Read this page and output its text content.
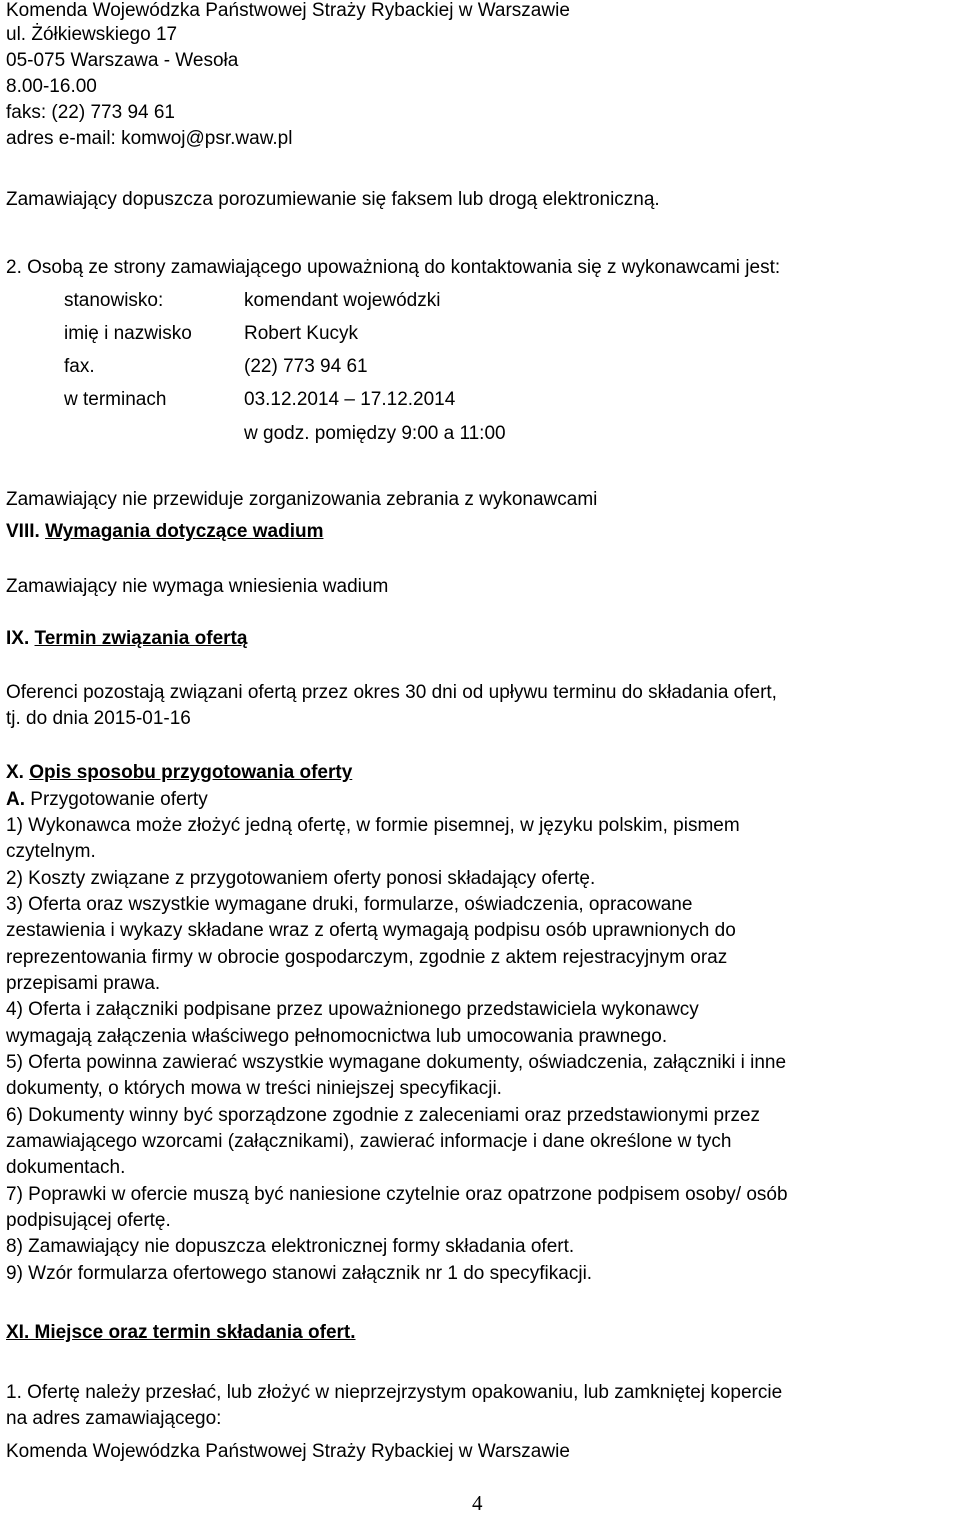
Komenda Wojewódzka Państwowej Straży Rybackiej w Warszawie
ul. Żółkiewskiego 17
05-075 Warszawa - Wesoła
8.00-16.00
faks: (22) 773 94 61
adres e-mail: komwoj@psr.waw.pl
Zamawiający dopuszcza porozumiewanie się faksem lub drogą elektroniczną.
2. Osobą ze strony zamawiającego upoważnioną do kontaktowania się z wykonawcami jest:
stanowisko:	komendant wojewódzki
imię i nazwisko	Robert Kucyk
fax.	(22) 773 94 61
w terminach	03.12.2014 – 17.12.2014
w godz. pomiędzy 9:00 a 11:00
Zamawiający nie przewiduje zorganizowania zebrania z wykonawcami
VIII. Wymagania dotyczące wadium
Zamawiający nie wymaga wniesienia wadium
IX. Termin związania ofertą
Oferenci pozostają związani ofertą przez okres 30 dni od upływu terminu do składania ofert,
tj. do dnia 2015-01-16
X. Opis sposobu przygotowania oferty
A. Przygotowanie oferty
1) Wykonawca może złożyć jedną ofertę, w formie pisemnej, w języku polskim, pismem
czytelnym.
2) Koszty związane z przygotowaniem oferty ponosi składający ofertę.
3) Oferta oraz wszystkie wymagane druki, formularze, oświadczenia, opracowane
zestawienia i wykazy składane wraz z ofertą wymagają podpisu osób uprawnionych do
reprezentowania firmy w obrocie gospodarczym, zgodnie z aktem rejestracyjnym oraz
przepisami prawa.
4) Oferta i załączniki podpisane przez upoważnionego przedstawiciela wykonawcy
wymagają załączenia właściwego pełnomocnictwa lub umocowania prawnego.
5) Oferta powinna zawierać wszystkie wymagane dokumenty, oświadczenia, załączniki i inne
dokumenty, o których mowa w treści niniejszej specyfikacji.
6) Dokumenty winny być sporządzone zgodnie z zaleceniami oraz przedstawionymi przez
zamawiającego wzorcami (załącznikami), zawierać informacje i dane określone w tych
dokumentach.
7) Poprawki w ofercie muszą być naniesione czytelnie oraz opatrzone podpisem osoby/ osób
podpisującej ofertę.
8) Zamawiający nie dopuszcza elektronicznej formy składania ofert.
9) Wzór formularza ofertowego stanowi załącznik nr 1 do specyfikacji.
XI. Miejsce oraz termin składania ofert.
1. Ofertę należy przesłać, lub złożyć w nieprzejrzystym opakowaniu, lub zamkniętej kopercie
na adres zamawiającego:
Komenda Wojewódzka Państwowej Straży Rybackiej w Warszawie
4
